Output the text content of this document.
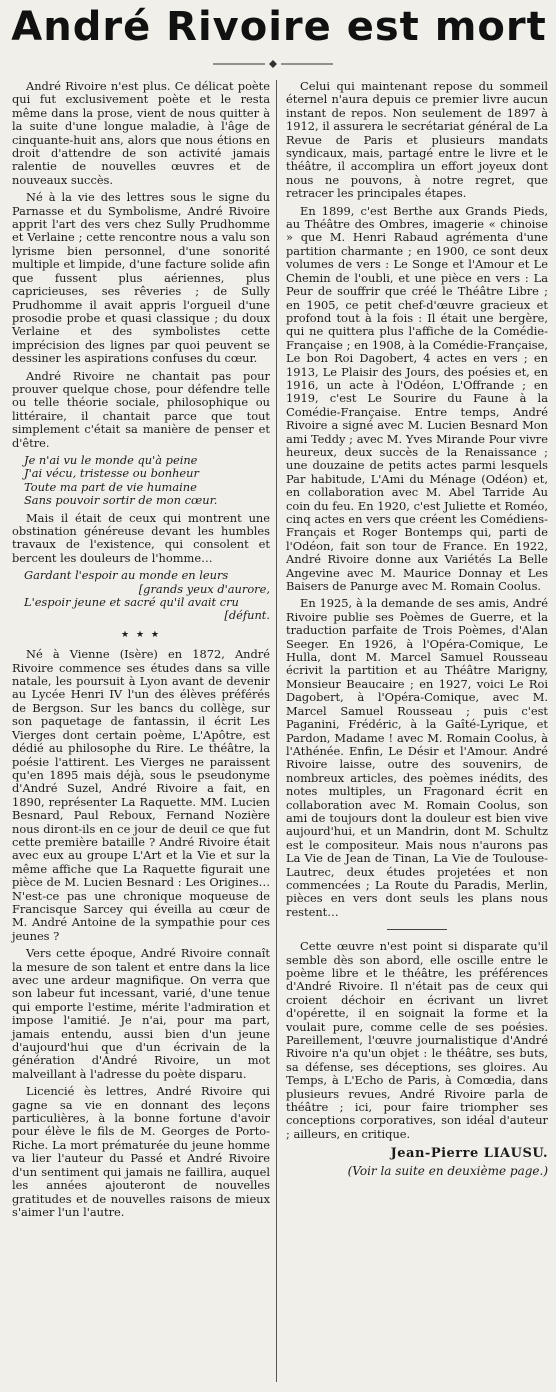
André Rivoire est mort

André Rivoire n'est plus. Ce délicat poète qui fut exclusivement poète et le resta même dans la prose, vient de nous quitter à la suite d'une longue maladie, à l'âge de cinquante-huit ans, alors que nous étions en droit d'attendre de son activité jamais ralentie de nouvelles œuvres et de nouveaux succès.

Né à la vie des lettres sous le signe du Parnasse et du Symbolisme, André Rivoire apprit l'art des vers chez Sully Prudhomme et Verlaine ; cette rencontre nous a valu son lyrisme bien personnel, d'une sonorité multiple et limpide, d'une facture solide afin que fussent plus aériennes, plus capricieuses, ses rêveries ; de Sully Prudhomme il avait appris l'orgueil d'une prosodie probe et quasi classique ; du doux Verlaine et des symbolistes cette imprécision des lignes par quoi peuvent se dessiner les aspirations confuses du cœur.

André Rivoire ne chantait pas pour prouver quelque chose, pour défendre telle ou telle théorie sociale, philosophique ou littéraire, il chantait parce que tout simplement c'était sa manière de penser et d'être.

Je n'ai vu le monde qu'à peine
J'ai vécu, tristesse ou bonheur
Toute ma part de vie humaine
Sans pouvoir sortir de mon cœur.

Mais il était de ceux qui montrent une obstination généreuse devant les humbles travaux de l'existence, qui consolent et bercent les douleurs de l'homme…

Gardant l'espoir au monde en leurs
[grands yeux d'aurore,
L'espoir jeune et sacré qu'il avait cru
[défunt.
★ ★ ★

Né à Vienne (Isère) en 1872, André Rivoire commence ses études dans sa ville natale, les poursuit à Lyon avant de devenir au Lycée Henri IV l'un des élèves préférés de Bergson. Sur les bancs du collège, sur son paquetage de fantassin, il écrit Les Vierges dont certain poème, L'Apôtre, est dédié au philosophe du Rire. Le théâtre, la poésie l'attirent. Les Vierges ne paraissent qu'en 1895 mais déjà, sous le pseudonyme d'André Suzel, André Rivoire a fait, en 1890, représenter La Raquette. MM. Lucien Besnard, Paul Reboux, Fernand Nozière nous diront-ils en ce jour de deuil ce que fut cette première bataille ? André Rivoire était avec eux au groupe L'Art et la Vie et sur la même affiche que La Raquette figurait une pièce de M. Lucien Besnard : Les Origines… N'est-ce pas une chronique moqueuse de Francisque Sarcey qui éveilla au cœur de M. André Antoine de la sympathie pour ces jeunes ?

Vers cette époque, André Rivoire connaît la mesure de son talent et entre dans la lice avec une ardeur magnifique. On verra que son labeur fut incessant, varié, d'une tenue qui emporte l'estime, mérite l'admiration et impose l'amitié. Je n'ai, pour ma part, jamais entendu, aussi bien d'un jeune d'aujourd'hui que d'un écrivain de la génération d'André Rivoire, un mot malveillant à l'adresse du poète disparu.

Licencié ès lettres, André Rivoire qui gagne sa vie en donnant des leçons particulières, à la bonne fortune d'avoir pour élève le fils de M. Georges de Porto-Riche. La mort prématurée du jeune homme va lier l'auteur du Passé et André Rivoire d'un sentiment qui jamais ne faillira, auquel les années ajouteront de nouvelles gratitudes et de nouvelles raisons de mieux s'aimer l'un l'autre.

Celui qui maintenant repose du sommeil éternel n'aura depuis ce premier livre aucun instant de repos. Non seulement de 1897 à 1912, il assurera le secrétariat général de La Revue de Paris et plusieurs mandats syndicaux, mais, partagé entre le livre et le théâtre, il accomplira un effort joyeux dont nous ne pouvons, à notre regret, que retracer les principales étapes.

En 1899, c'est Berthe aux Grands Pieds, au Théâtre des Ombres, imagerie « chinoise » que M. Henri Rabaud agrémenta d'une partition charmante ; en 1900, ce sont deux volumes de vers : Le Songe et l'Amour et Le Chemin de l'oubli, et une pièce en vers : La Peur de souffrir que créé le Théâtre Libre ; en 1905, ce petit chef-d'œuvre gracieux et profond tout à la fois : Il était une bergère, qui ne quittera plus l'affiche de la Comédie-Française ; en 1908, à la Comédie-Française, Le bon Roi Dagobert, 4 actes en vers ; en 1913, Le Plaisir des Jours, des poésies et, en 1916, un acte à l'Odéon, L'Offrande ; en 1919, c'est Le Sourire du Faune à la Comédie-Française. Entre temps, André Rivoire a signé avec M. Lucien Besnard Mon ami Teddy ; avec M. Yves Mirande Pour vivre heureux, deux succès de la Renaissance ; une douzaine de petits actes parmi lesquels Par habitude, L'Ami du Ménage (Odéon) et, en collaboration avec M. Abel Tarride Au coin du feu. En 1920, c'est Juliette et Roméo, cinq actes en vers que créent les Comédiens-Français et Roger Bontemps qui, parti de l'Odéon, fait son tour de France. En 1922, André Rivoire donne aux Variétés La Belle Angevine avec M. Maurice Donnay et Les Baisers de Panurge avec M. Romain Coolus.

En 1925, à la demande de ses amis, André Rivoire publie ses Poèmes de Guerre, et la traduction parfaite de Trois Poèmes, d'Alan Seeger. En 1926, à l'Opéra-Comique, Le Hulla, dont M. Marcel Samuel Rousseau écrivit la partition et au Théâtre Marigny, Monsieur Beaucaire ; en 1927, voici Le Roi Dagobert, à l'Opéra-Comique, avec M. Marcel Samuel Rousseau ; puis c'est Paganini, Frédéric, à la Gaîté-Lyrique, et Pardon, Madame ! avec M. Romain Coolus, à l'Athénée. Enfin, Le Désir et l'Amour. André Rivoire laisse, outre des souvenirs, de nombreux articles, des poèmes inédits, des notes multiples, un Fragonard écrit en collaboration avec M. Romain Coolus, son ami de toujours dont la douleur est bien vive aujourd'hui, et un Mandrin, dont M. Schultz est le compositeur. Mais nous n'aurons pas La Vie de Jean de Tinan, La Vie de Toulouse-Lautrec, deux études projetées et non commencées ; La Route du Paradis, Merlin, pièces en vers dont seuls les plans nous restent…

Cette œuvre n'est point si disparate qu'il semble dès son abord, elle oscille entre le poème libre et le théâtre, les préférences d'André Rivoire. Il n'était pas de ceux qui croient déchoir en écrivant un livret d'opérette, il en soignait la forme et la voulait pure, comme celle de ses poésies. Pareillement, l'œuvre journalistique d'André Rivoire n'a qu'un objet : le théâtre, ses buts, sa défense, ses déceptions, ses gloires. Au Temps, à L'Echo de Paris, à Comœdia, dans plusieurs revues, André Rivoire parla de théâtre ; ici, pour faire triompher ses conceptions corporatives, son idéal d'auteur ; ailleurs, en critique.

Jean-Pierre LIAUSU.
(Voir la suite en deuxième page.)
